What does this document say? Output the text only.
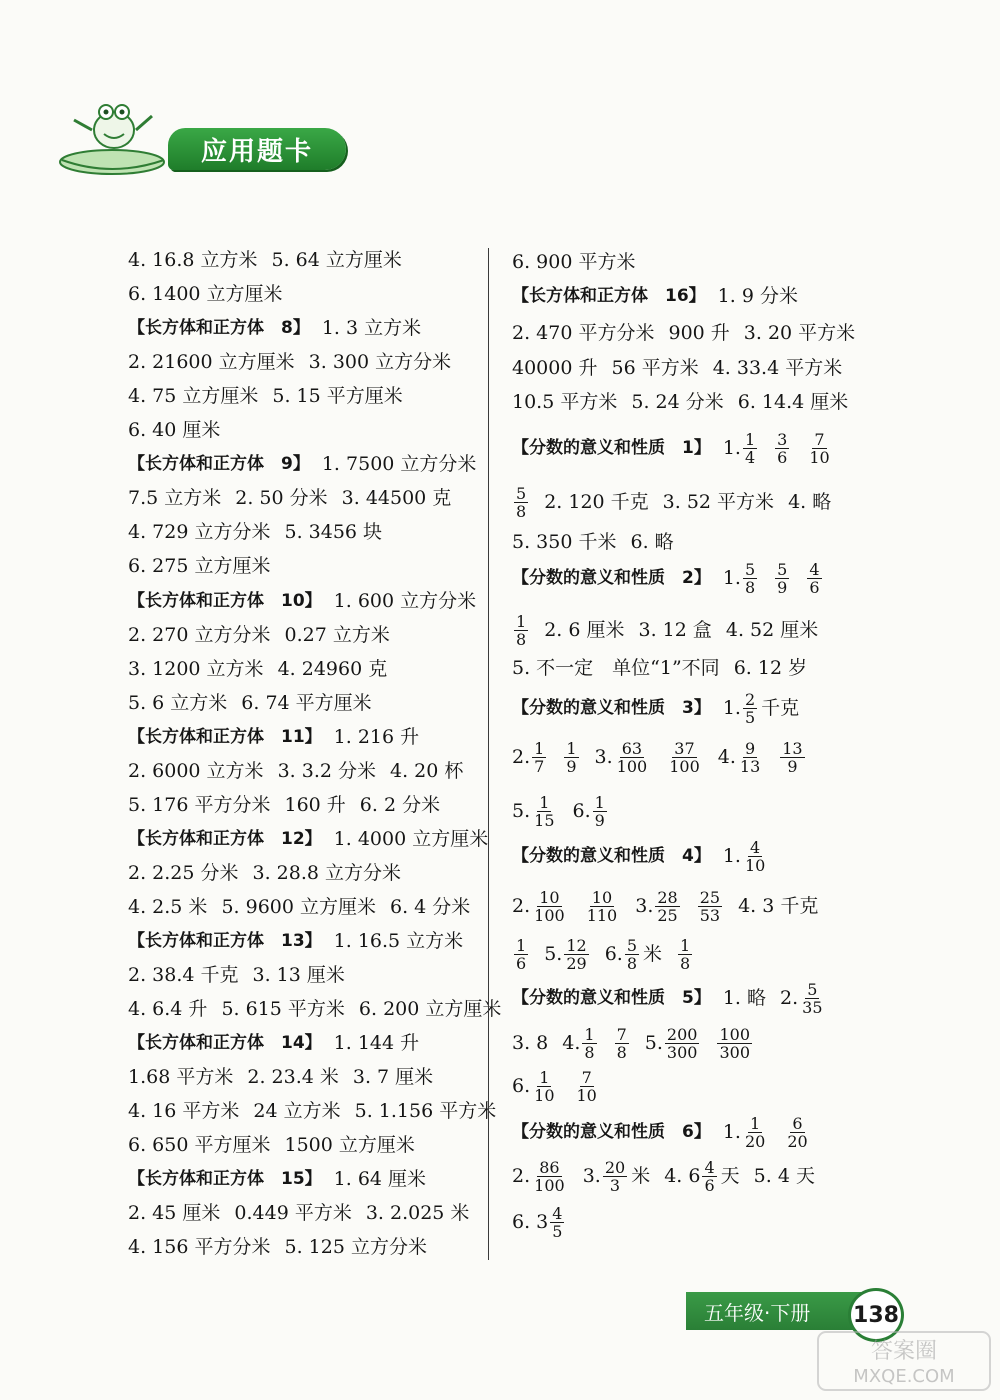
应用题卡
4. 16.8 立方米 5. 64 立方厘米
6. 1400 立方厘米
【长方体和正方体　8】 1. 3 立方米
2. 21600 立方厘米 3. 300 立方分米
4. 75 立方厘米 5. 15 平方厘米
6. 40 厘米
【长方体和正方体　9】 1. 7500 立方分米
7.5 立方米 2. 50 分米 3. 44500 克
4. 729 立方分米 5. 3456 块
6. 275 立方厘米
【长方体和正方体　10】 1. 600 立方分米
2. 270 立方分米 0.27 立方米
3. 1200 立方米 4. 24960 克
5. 6 立方米 6. 74 平方厘米
【长方体和正方体　11】 1. 216 升
2. 6000 立方米 3. 3.2 分米 4. 20 杯
5. 176 平方分米 160 升 6. 2 分米
【长方体和正方体　12】 1. 4000 立方厘米
2. 2.25 分米 3. 28.8 立方分米
4. 2.5 米 5. 9600 立方厘米 6. 4 分米
【长方体和正方体　13】 1. 16.5 立方米
2. 38.4 千克 3. 13 厘米
4. 6.4 升 5. 615 平方米 6. 200 立方厘米
【长方体和正方体　14】 1. 144 升
1.68 平方米 2. 23.4 米 3. 7 厘米
4. 16 平方米 24 立方米 5. 1.156 平方米
6. 650 平方厘米 1500 立方厘米
【长方体和正方体　15】 1. 64 厘米
2. 45 厘米 0.449 平方米 3. 2.025 米
4. 156 平方分米 5. 125 立方分米
6. 900 平方米
【长方体和正方体　16】 1. 9 分米
2. 470 平方分米 900 升 3. 20 平方米
40000 升 56 平方米 4. 33.4 平方米
10.5 平方米 5. 24 分米 6. 14.4 厘米
【分数的意义和性质　1】 1. $\frac{1}{4} \frac{3}{6} \frac{7}{10}$
$\frac{5}{8} 2$. 120 千克 3. 52 平方米 4. 略
5. 350 千米 6. 略
【分数的意义和性质　2】 1. $\frac{5}{8} \frac{5}{9} \frac{4}{6}$
$\frac{1}{8} 2$. 6 厘米 3. 12 盒 4. 52 厘米
5. 不一定　单位“1”不同 6. 12 岁
【分数的意义和性质　3】 1. $\frac{2}{5}$ 千克
2. $\frac{1}{7} \frac{1}{9} 3$. $\frac{63}{100} \frac{37}{100} 4$. $\frac{9}{13} \frac{13}{9}$
5. $\frac{1}{15} 6$. $\frac{1}{9}$
【分数的意义和性质　4】 1. $\frac{4}{10}$
2. $\frac{10}{100} \frac{10}{110} 3$. $\frac{28}{25} \frac{25}{53} 4$. 3 千克
$\frac{1}{6} 5$. $\frac{12}{29} 6$. $\frac{5}{8}$ 米 $\frac{1}{8}$
【分数的意义和性质　5】 1. 略 2. $\frac{5}{35}$
3. 8 4. $\frac{1}{8} \frac{7}{8} 5$. $\frac{200}{300} \frac{100}{300}$
6. $\frac{1}{10} \frac{7}{10}$
【分数的意义和性质　6】 1. $\frac{1}{20} \frac{6}{20}$
2. $\frac{86}{100} 3$. $\frac{20}{3}$ 米 4. $6 \frac{4}{6}$ 天 5. 4 天
6. $3 \frac{4}{5}$
五年级·下册	138
答案圈
MXQE.COM
